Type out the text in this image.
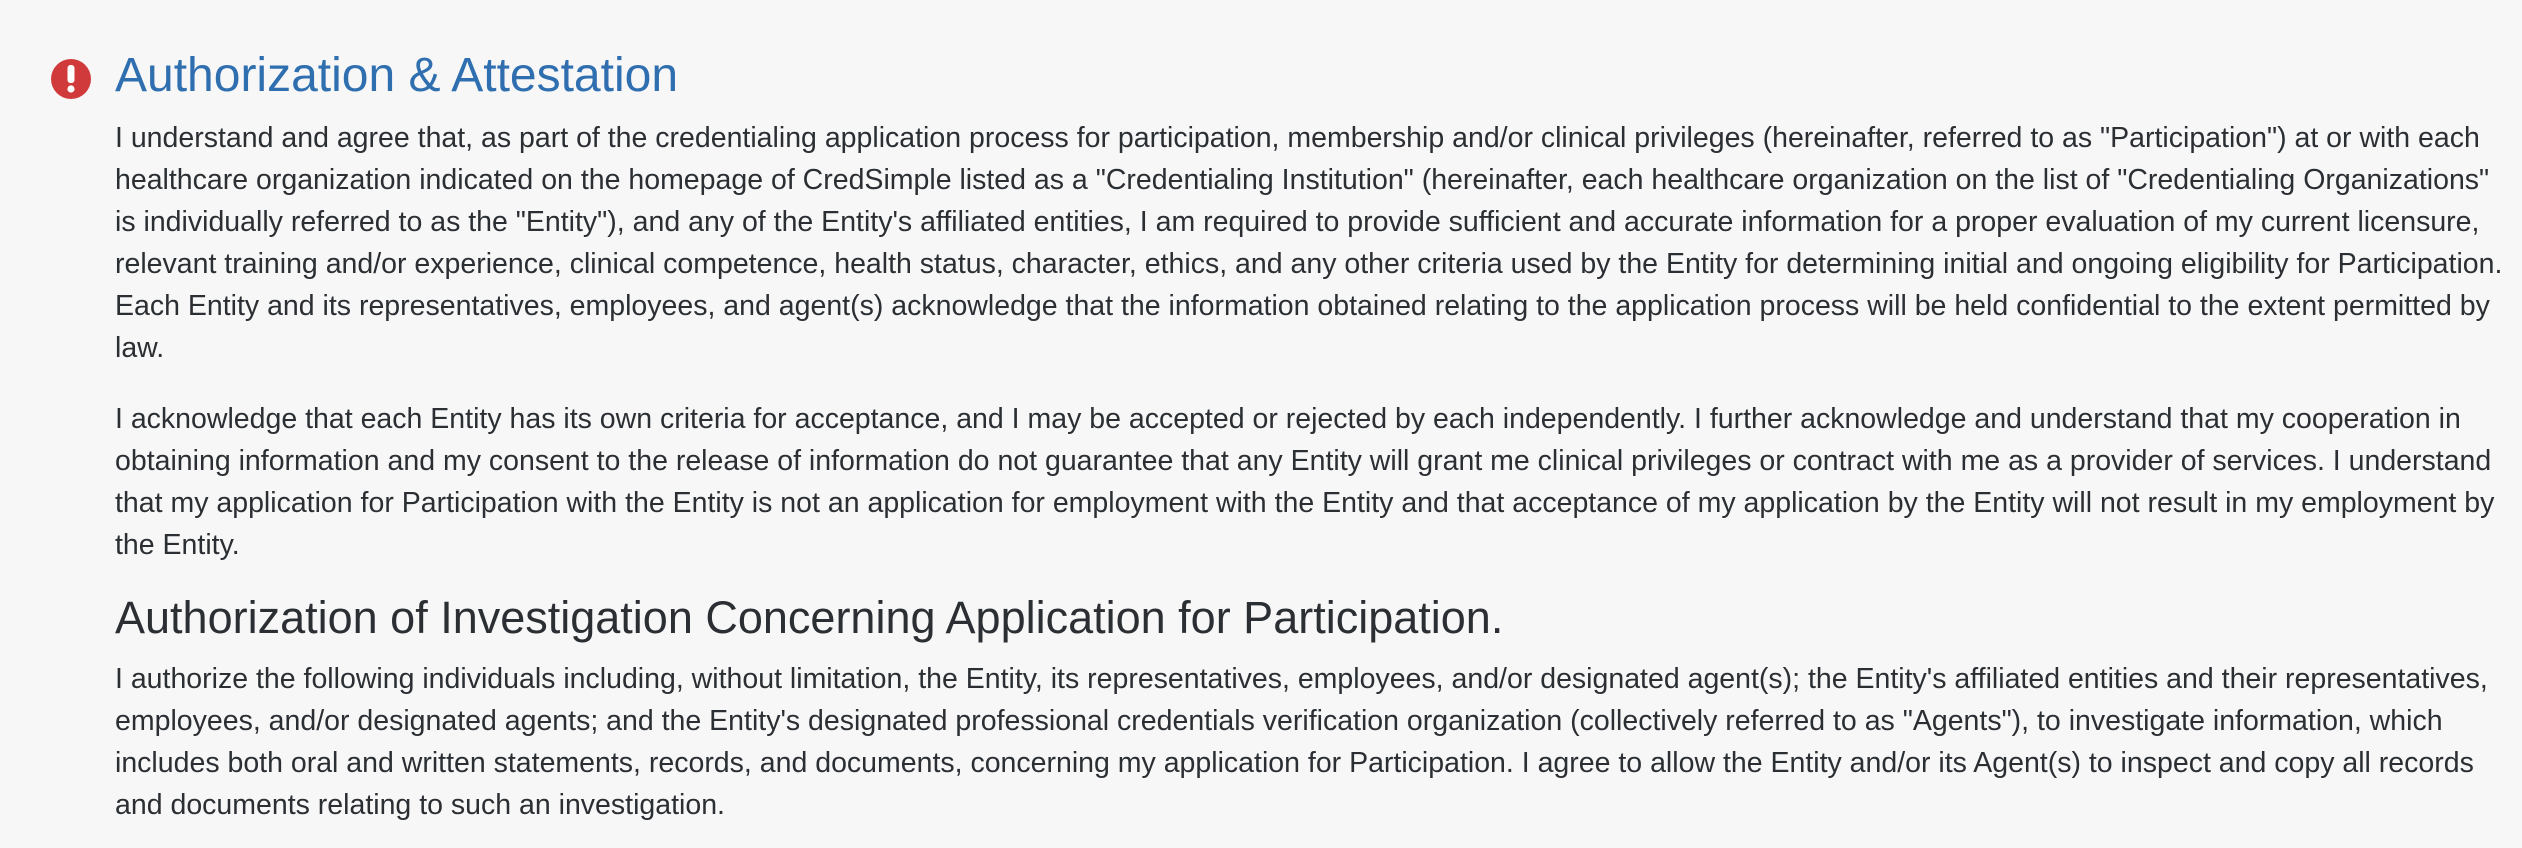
Authorization & Attestation

I understand and agree that, as part of the credentialing application process for participation, membership and/or clinical privileges (hereinafter, referred to as "Participation") at or with each healthcare organization indicated on the homepage of CredSimple listed as a "Credentialing Institution" (hereinafter, each healthcare organization on the list of "Credentialing Organizations" is individually referred to as the "Entity"), and any of the Entity's affiliated entities, I am required to provide sufficient and accurate information for a proper evaluation of my current licensure, relevant training and/or experience, clinical competence, health status, character, ethics, and any other criteria used by the Entity for determining initial and ongoing eligibility for Participation. Each Entity and its representatives, employees, and agent(s) acknowledge that the information obtained relating to the application process will be held confidential to the extent permitted by law.

I acknowledge that each Entity has its own criteria for acceptance, and I may be accepted or rejected by each independently. I further acknowledge and understand that my cooperation in obtaining information and my consent to the release of information do not guarantee that any Entity will grant me clinical privileges or contract with me as a provider of services. I understand that my application for Participation with the Entity is not an application for employment with the Entity and that acceptance of my application by the Entity will not result in my employment by the Entity.

Authorization of Investigation Concerning Application for Participation.

I authorize the following individuals including, without limitation, the Entity, its representatives, employees, and/or designated agent(s); the Entity's affiliated entities and their representatives, employees, and/or designated agents; and the Entity's designated professional credentials verification organization (collectively referred to as "Agents"), to investigate information, which includes both oral and written statements, records, and documents, concerning my application for Participation. I agree to allow the Entity and/or its Agent(s) to inspect and copy all records and documents relating to such an investigation.
